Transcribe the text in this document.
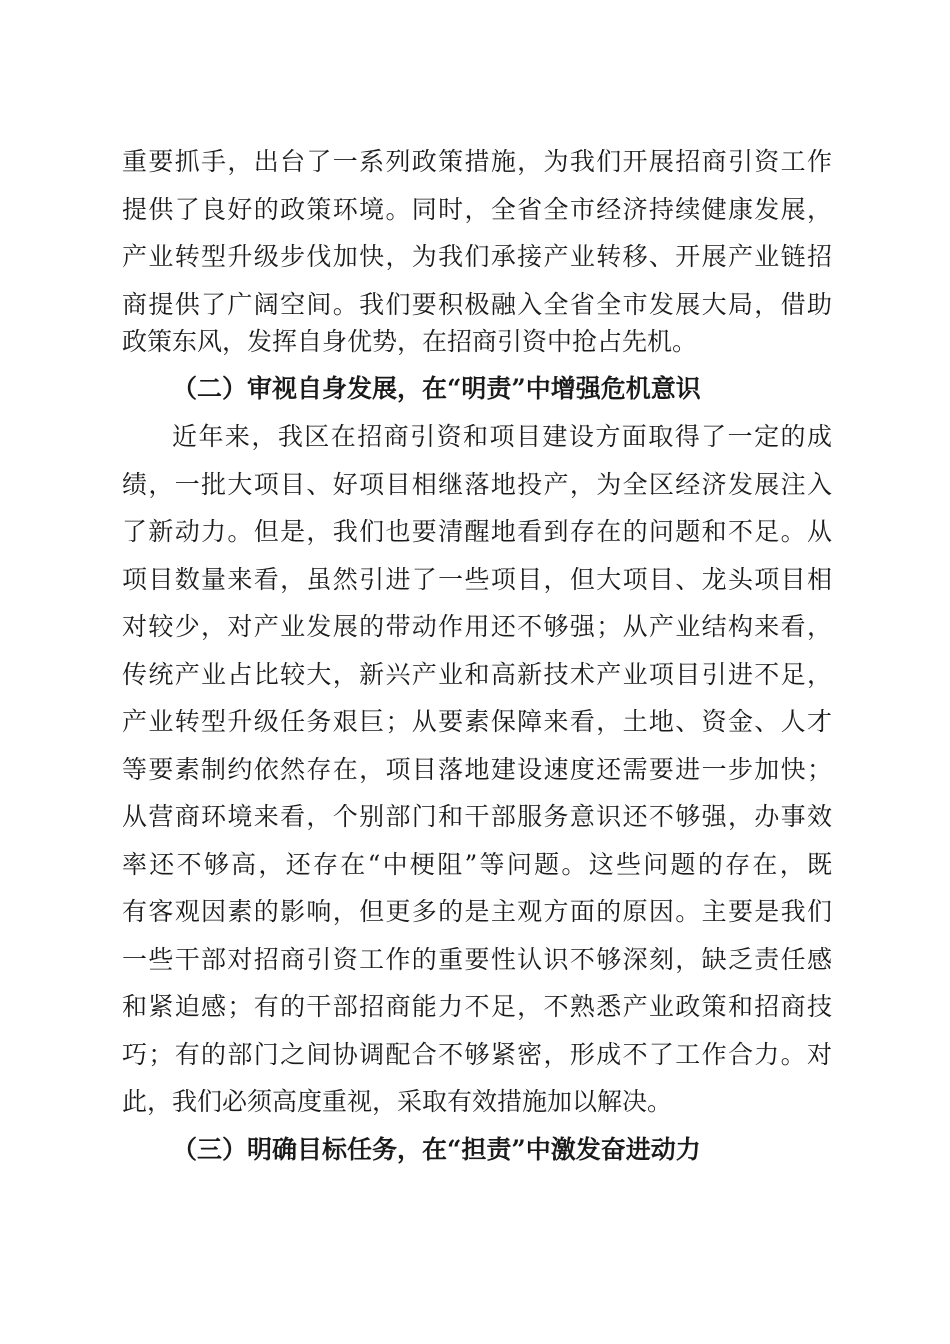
重要抓手，出台了一系列政策措施，为我们开展招商引资工作
提供了良好的政策环境。同时，全省全市经济持续健康发展，
产业转型升级步伐加快，为我们承接产业转移、开展产业链招
商提供了广阔空间。我们要积极融入全省全市发展大局，借助
政策东风，发挥自身优势，在招商引资中抢占先机。
（二）审视自身发展，在“明责”中增强危机意识
近年来，我区在招商引资和项目建设方面取得了一定的成
绩，一批大项目、好项目相继落地投产，为全区经济发展注入
了新动力。但是，我们也要清醒地看到存在的问题和不足。从
项目数量来看，虽然引进了一些项目，但大项目、龙头项目相
对较少，对产业发展的带动作用还不够强；从产业结构来看，
传统产业占比较大，新兴产业和高新技术产业项目引进不足，
产业转型升级任务艰巨；从要素保障来看，土地、资金、人才
等要素制约依然存在，项目落地建设速度还需要进一步加快；
从营商环境来看，个别部门和干部服务意识还不够强，办事效
率还不够高，还存在“中梗阻”等问题。这些问题的存在，既
有客观因素的影响，但更多的是主观方面的原因。主要是我们
一些干部对招商引资工作的重要性认识不够深刻，缺乏责任感
和紧迫感；有的干部招商能力不足，不熟悉产业政策和招商技
巧；有的部门之间协调配合不够紧密，形成不了工作合力。对
此，我们必须高度重视，采取有效措施加以解决。
（三）明确目标任务，在“担责”中激发奋进动力
